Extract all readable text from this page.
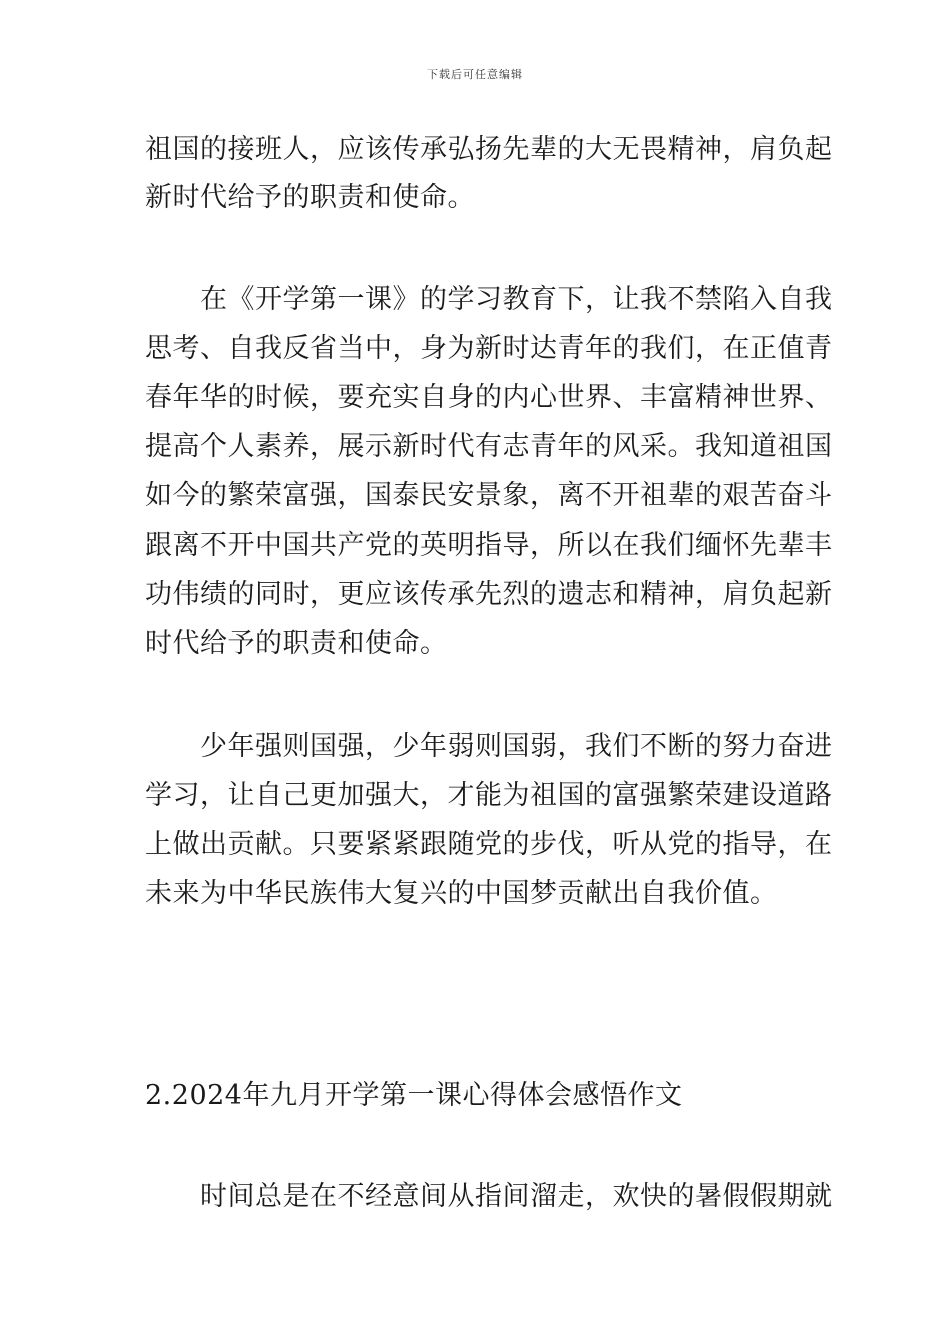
下载后可任意编辑
祖国的接班人，应该传承弘扬先辈的大无畏精神，肩负起
新时代给予的职责和使命。
　　在《开学第一课》的学习教育下，让我不禁陷入自我
思考、自我反省当中，身为新时达青年的我们，在正值青
春年华的时候，要充实自身的内心世界、丰富精神世界、
提高个人素养，展示新时代有志青年的风采。我知道祖国
如今的繁荣富强，国泰民安景象，离不开祖辈的艰苦奋斗
跟离不开中国共产党的英明指导，所以在我们缅怀先辈丰
功伟绩的同时，更应该传承先烈的遗志和精神，肩负起新
时代给予的职责和使命。
　　少年强则国强，少年弱则国弱，我们不断的努力奋进
学习，让自己更加强大，才能为祖国的富强繁荣建设道路
上做出贡献。只要紧紧跟随党的步伐，听从党的指导，在
未来为中华民族伟大复兴的中国梦贡献出自我价值。
2.2024年九月开学第一课心得体会感悟作文
　　时间总是在不经意间从指间溜走，欢快的暑假假期就
